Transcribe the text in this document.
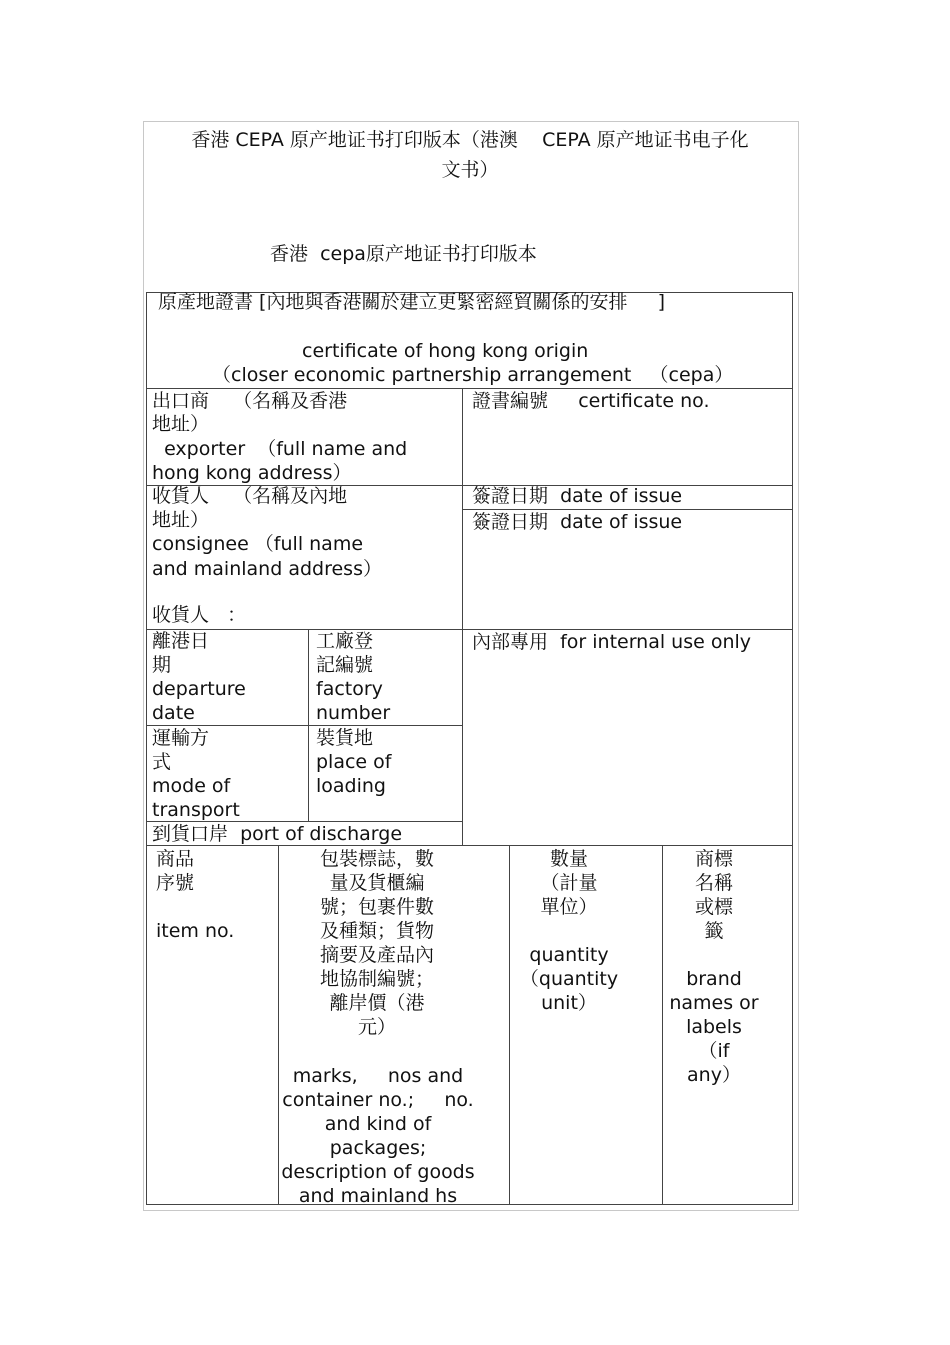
香港 CEPA 原产地证书打印版本（港澳    CEPA 原产地证书电子化
文书）
香港  cepa原产地证书打印版本
原產地證書 [內地與香港關於建立更緊密經貿關係的安排     ]
certificate of hong kong origin
（closer economic partnership arrangement   （cepa）
出口商    （名稱及香港
地址）
exporter  （full name and
hong kong address）
證書編號     certificate no.
收貨人    （名稱及內地
地址）
consignee （full name
and mainland address）
收貨人   ：
簽證日期  date of issue
簽證日期  date of issue
離港日
期
departure
date
工廠登
記編號
factory
number
內部專用  for internal use only
運輸方
式
mode of
transport
裝貨地
place of
loading
到貨口岸  port of discharge
商品
序號

item no.
包裝標誌，數
量及貨櫃編
號；包裹件數
及種類；貨物
摘要及產品內
地協制編號；
離岸價（港
元）
marks,     nos and
container no.;     no.
and kind of
packages;
description of goods
and mainland hs
數量
（計量
單位）

quantity
（quantity
unit）
商標
名稱
或標
籤

brand
names or
labels
（if
any）
